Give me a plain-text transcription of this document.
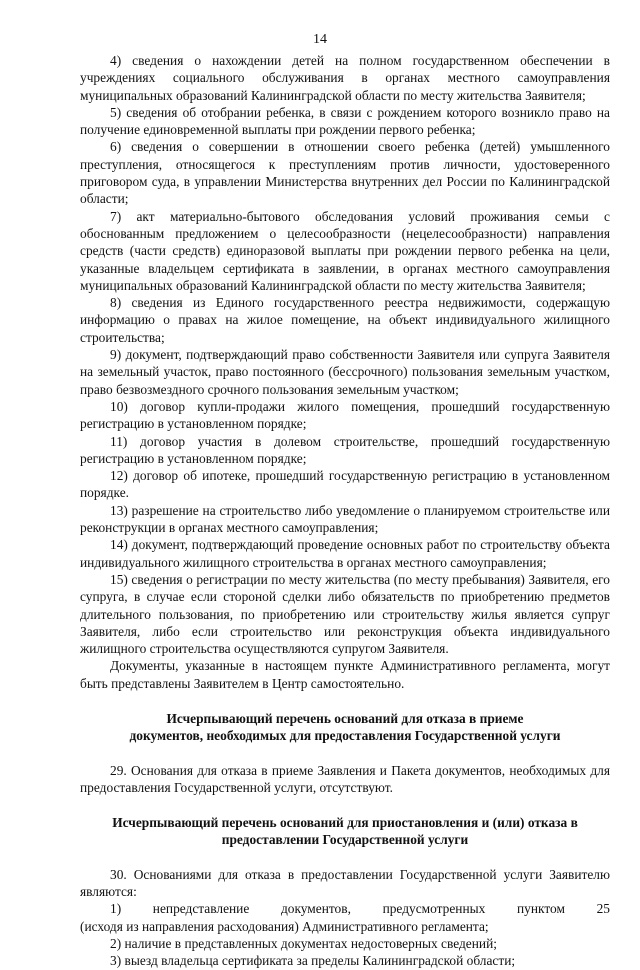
14

4) сведения о нахождении детей на полном государственном обеспечении в учреждениях социального обслуживания в органах местного самоуправления муниципальных образований Калининградской области по месту жительства Заявителя;

5) сведения об отобрании ребенка, в связи с рождением которого возникло право на получение единовременной выплаты при рождении первого ребенка;

6) сведения о совершении в отношении своего ребенка (детей) умышленного преступления, относящегося к преступлениям против личности, удостоверенного приговором суда, в управлении Министерства внутренних дел России по Калининградской области;

7) акт материально-бытового обследования условий проживания семьи с обоснованным предложением о целесообразности (нецелесообразности) направления средств (части средств) единоразовой выплаты при рождении первого ребенка на цели, указанные владельцем сертификата в заявлении, в органах местного самоуправления муниципальных образований Калининградской области по месту жительства Заявителя;

8) сведения из Единого государственного реестра недвижимости, содержащую информацию о правах на жилое помещение, на объект индивидуального жилищного строительства;

9) документ, подтверждающий право собственности Заявителя или супруга Заявителя на земельный участок, право постоянного (бессрочного) пользования земельным участком, право безвозмездного срочного пользования земельным участком;

10) договор купли-продажи жилого помещения, прошедший государственную регистрацию в установленном порядке;

11) договор участия в долевом строительстве, прошедший государственную регистрацию в установленном порядке;

12) договор об ипотеке, прошедший государственную регистрацию в установленном порядке.

13) разрешение на строительство либо уведомление о планируемом строительстве или реконструкции в органах местного самоуправления;

14) документ, подтверждающий проведение основных работ по строительству объекта индивидуального жилищного строительства в органах местного самоуправления;

15) сведения о регистрации по месту жительства (по месту пребывания) Заявителя, его супруга, в случае если стороной сделки либо обязательств по приобретению предметов длительного пользования, по приобретению или строительству жилья является супруг Заявителя, либо если строительство или реконструкция объекта индивидуального жилищного строительства осуществляются супругом Заявителя.

Документы, указанные в настоящем пункте Административного регламента, могут быть представлены Заявителем в Центр самостоятельно.

Исчерпывающий перечень оснований для отказа в приеме
документов, необходимых для предоставления Государственной услуги

29. Основания для отказа в приеме Заявления и Пакета документов, необходимых для предоставления Государственной услуги, отсутствуют.

Исчерпывающий перечень оснований для приостановления и (или) отказа в
предоставлении Государственной услуги

30. Основаниями для отказа в предоставлении Государственной услуги Заявителю являются:

1) непредставление документов, предусмотренных пунктом 25

(исходя из направления расходования) Административного регламента;

2) наличие в представленных документах недостоверных сведений;

3) выезд владельца сертификата за пределы Калининградской области;
